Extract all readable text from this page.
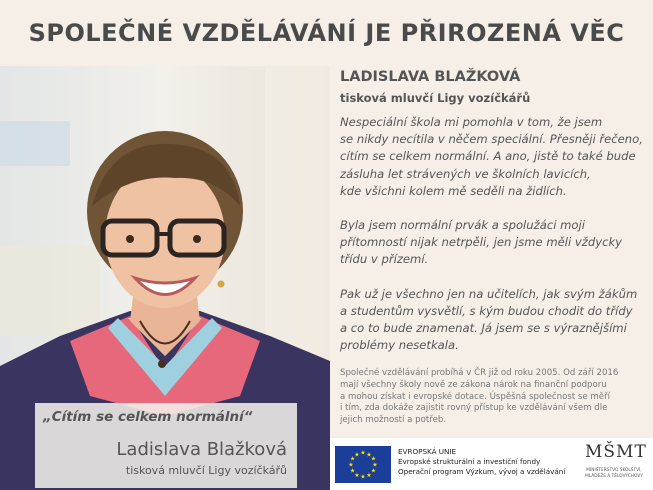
SPOLEČNÉ VZDĚLÁVÁNÍ JE PŘIROZENÁ VĚC
„Cítím se celkem normální“
Ladislava Blažková
tisková mluvčí Ligy vozíčkářů
LADISLAVA BLAŽKOVÁ
tisková mluvčí Ligy vozíčkářů

Nespeciální škola mi pomohla v tom, že jsem
se nikdy necítila v něčem speciální. Přesněji řečeno,
cítím se celkem normální. A ano, jistě to také bude
zásluha let strávených ve školních lavicích,
kde všichni kolem mě seděli na židlích.

Byla jsem normální prvák a spolužáci moji
přítomností nijak netrpěli, jen jsme měli vždycky
třídu v přízemí.

Pak už je všechno jen na učitelích, jak svým žákům
a studentům vysvětlí, s kým budou chodit do třídy
a co to bude znamenat. Já jsem se s výraznějšími
problémy nesetkala.

Společné vzdělávání probíhá v ČR již od roku 2005. Od září 2016
mají všechny školy nově ze zákona nárok na finanční podporu
a mohou získat i evropské dotace. Úspěšná společnost se měří
i tím, zda dokáže zajistit rovný přístup ke vzdělávání všem dle
jejich možností a potřeb.
★ ★
★
★
★
★
★
★
★
★
★
★	EVROPSKÁ UNIE
Evropské strukturální a investiční fondy
Operační program Výzkum, vývoj a vzdělávání
MŠMT
MINISTERSTVO ŠKOLSTVÍ,
MLÁDEŽE A TĚLOVÝCHOVY
